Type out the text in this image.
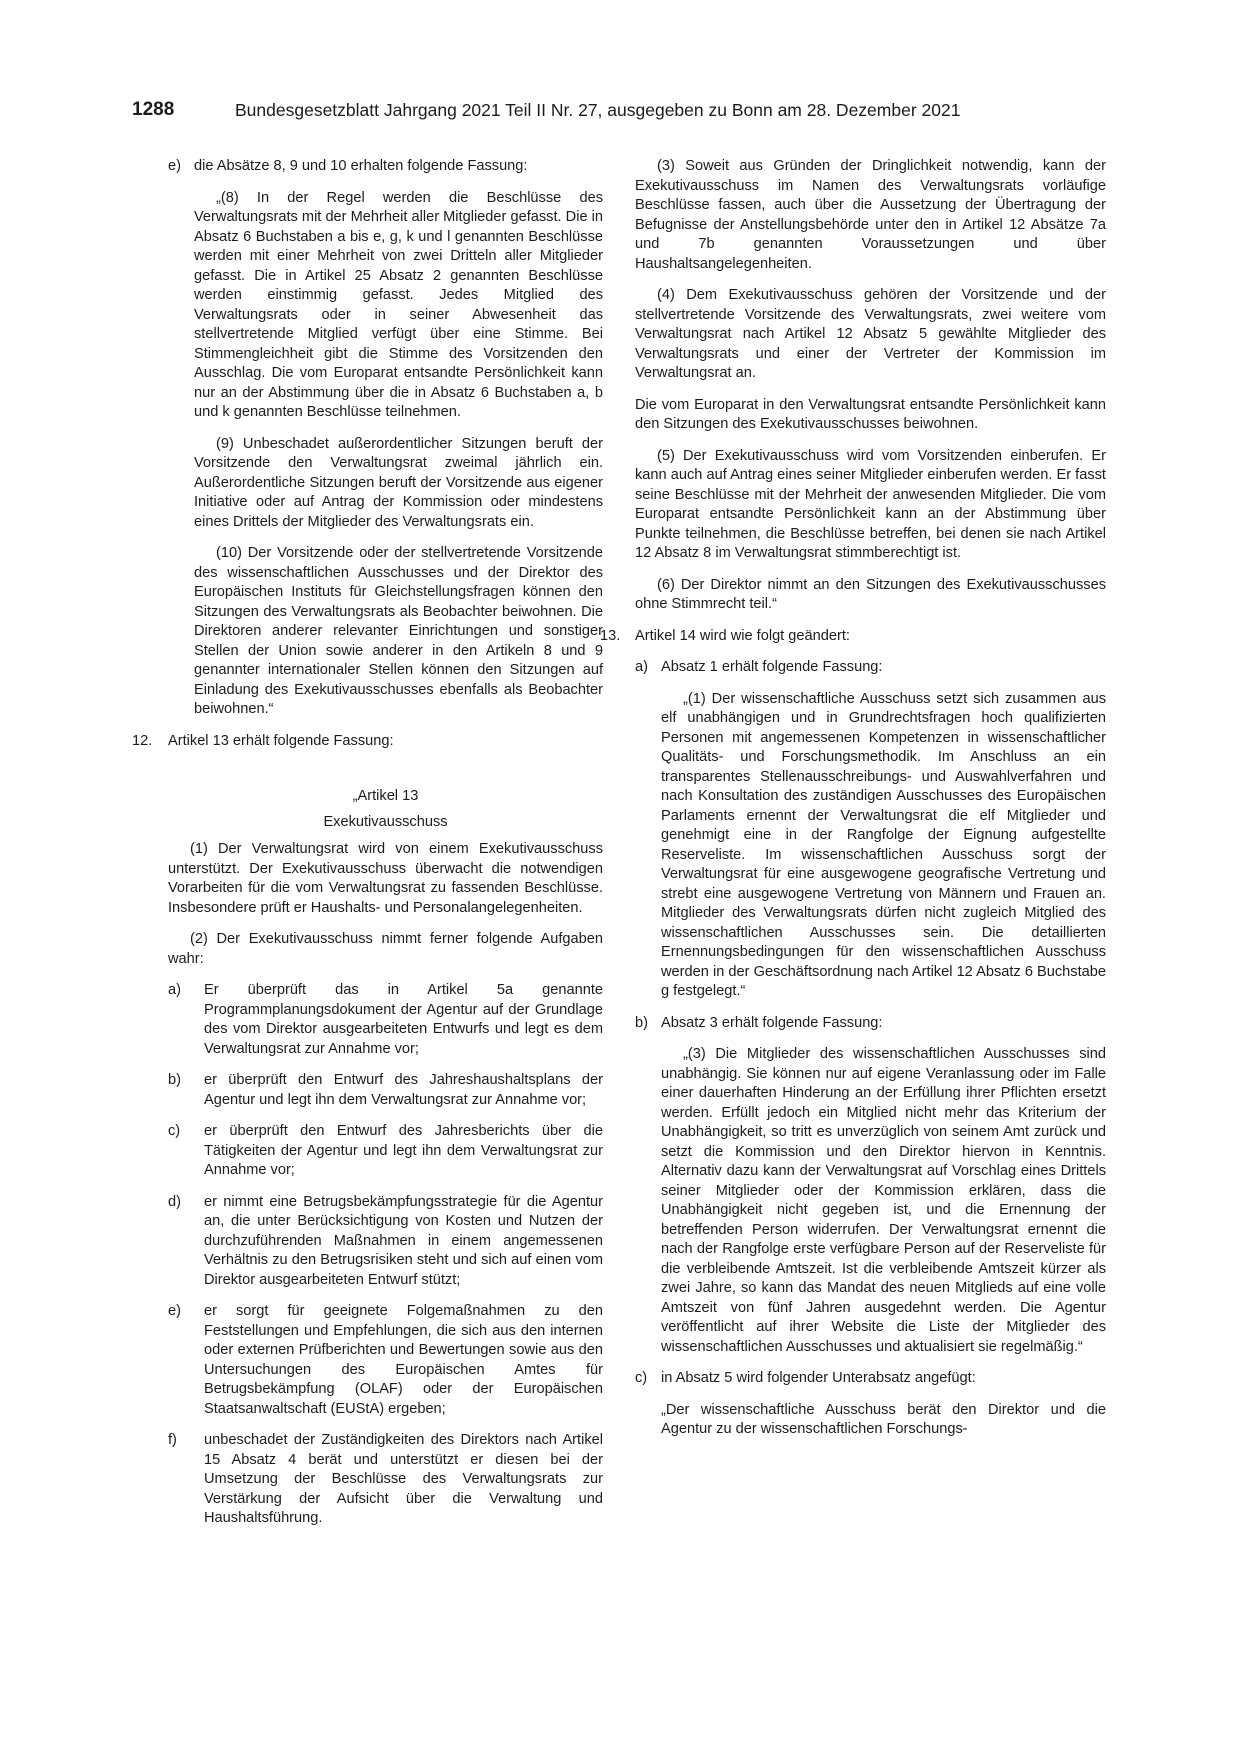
1288	Bundesgesetzblatt Jahrgang 2021 Teil II Nr. 27, ausgegeben zu Bonn am 28. Dezember 2021
e) die Absätze 8, 9 und 10 erhalten folgende Fassung:

„(8) In der Regel werden die Beschlüsse des Verwaltungsrats mit der Mehrheit aller Mitglieder gefasst. Die in Absatz 6 Buchstaben a bis e, g, k und l genannten Beschlüsse werden mit einer Mehrheit von zwei Dritteln aller Mitglieder gefasst. Die in Artikel 25 Absatz 2 genannten Beschlüsse werden einstimmig gefasst. Jedes Mitglied des Verwaltungsrats oder in seiner Abwesenheit das stellvertretende Mitglied verfügt über eine Stimme. Bei Stimmengleichheit gibt die Stimme des Vorsitzenden den Ausschlag. Die vom Europarat entsandte Persönlichkeit kann nur an der Abstimmung über die in Absatz 6 Buchstaben a, b und k genannten Beschlüsse teilnehmen.

(9) Unbeschadet außerordentlicher Sitzungen beruft der Vorsitzende den Verwaltungsrat zweimal jährlich ein. Außerordentliche Sitzungen beruft der Vorsitzende aus eigener Initiative oder auf Antrag der Kommission oder mindestens eines Drittels der Mitglieder des Verwaltungsrats ein.

(10) Der Vorsitzende oder der stellvertretende Vorsitzende des wissenschaftlichen Ausschusses und der Direktor des Europäischen Instituts für Gleichstellungsfragen können den Sitzungen des Verwaltungsrats als Beobachter beiwohnen. Die Direktoren anderer relevanter Einrichtungen und sonstiger Stellen der Union sowie anderer in den Artikeln 8 und 9 genannter internationaler Stellen können den Sitzungen auf Einladung des Exekutivausschusses ebenfalls als Beobachter beiwohnen.“

12. Artikel 13 erhält folgende Fassung:

„Artikel 13

Exekutivausschuss

(1) Der Verwaltungsrat wird von einem Exekutivausschuss unterstützt. Der Exekutivausschuss überwacht die notwendigen Vorarbeiten für die vom Verwaltungsrat zu fassenden Beschlüsse. Insbesondere prüft er Haushalts- und Personalangelegenheiten.

(2) Der Exekutivausschuss nimmt ferner folgende Aufgaben wahr:

a) Er überprüft das in Artikel 5a genannte Programmplanungsdokument der Agentur auf der Grundlage des vom Direktor ausgearbeiteten Entwurfs und legt es dem Verwaltungsrat zur Annahme vor;
b) er überprüft den Entwurf des Jahreshaushaltsplans der Agentur und legt ihn dem Verwaltungsrat zur Annahme vor;
c) er überprüft den Entwurf des Jahresberichts über die Tätigkeiten der Agentur und legt ihn dem Verwaltungsrat zur Annahme vor;
d) er nimmt eine Betrugsbekämpfungsstrategie für die Agentur an, die unter Berücksichtigung von Kosten und Nutzen der durchzuführenden Maßnahmen in einem angemessenen Verhältnis zu den Betrugsrisiken steht und sich auf einen vom Direktor ausgearbeiteten Entwurf stützt;
e) er sorgt für geeignete Folgemaßnahmen zu den Feststellungen und Empfehlungen, die sich aus den internen oder externen Prüfberichten und Bewertungen sowie aus den Untersuchungen des Europäischen Amtes für Betrugsbekämpfung (OLAF) oder der Europäischen Staatsanwaltschaft (EUStA) ergeben;
f) unbeschadet der Zuständigkeiten des Direktors nach Artikel 15 Absatz 4 berät und unterstützt er diesen bei der Umsetzung der Beschlüsse des Verwaltungsrats zur Verstärkung der Aufsicht über die Verwaltung und Haushaltsführung.

(3) Soweit aus Gründen der Dringlichkeit notwendig, kann der Exekutivausschuss im Namen des Verwaltungsrats vorläufige Beschlüsse fassen, auch über die Aussetzung der Übertragung der Befugnisse der Anstellungsbehörde unter den in Artikel 12 Absätze 7a und 7b genannten Voraussetzungen und über Haushaltsangelegenheiten.

(4) Dem Exekutivausschuss gehören der Vorsitzende und der stellvertretende Vorsitzende des Verwaltungsrats, zwei weitere vom Verwaltungsrat nach Artikel 12 Absatz 5 gewählte Mitglieder des Verwaltungsrats und einer der Vertreter der Kommission im Verwaltungsrat an.

Die vom Europarat in den Verwaltungsrat entsandte Persönlichkeit kann den Sitzungen des Exekutivausschusses beiwohnen.

(5) Der Exekutivausschuss wird vom Vorsitzenden einberufen. Er kann auch auf Antrag eines seiner Mitglieder einberufen werden. Er fasst seine Beschlüsse mit der Mehrheit der anwesenden Mitglieder. Die vom Europarat entsandte Persönlichkeit kann an der Abstimmung über Punkte teilnehmen, die Beschlüsse betreffen, bei denen sie nach Artikel 12 Absatz 8 im Verwaltungsrat stimmberechtigt ist.

(6) Der Direktor nimmt an den Sitzungen des Exekutivausschusses ohne Stimmrecht teil.“

13. Artikel 14 wird wie folgt geändert:
a) Absatz 1 erhält folgende Fassung:

„(1) Der wissenschaftliche Ausschuss setzt sich zusammen aus elf unabhängigen und in Grundrechtsfragen hoch qualifizierten Personen mit angemessenen Kompetenzen in wissenschaftlicher Qualitäts- und Forschungsmethodik. Im Anschluss an ein transparentes Stellenausschreibungs- und Auswahlverfahren und nach Konsultation des zuständigen Ausschusses des Europäischen Parlaments ernennt der Verwaltungsrat die elf Mitglieder und genehmigt eine in der Rangfolge der Eignung aufgestellte Reserveliste. Im wissenschaftlichen Ausschuss sorgt der Verwaltungsrat für eine ausgewogene geografische Vertretung und strebt eine ausgewogene Vertretung von Männern und Frauen an. Mitglieder des Verwaltungsrats dürfen nicht zugleich Mitglied des wissenschaftlichen Ausschusses sein. Die detaillierten Ernennungsbedingungen für den wissenschaftlichen Ausschuss werden in der Geschäftsordnung nach Artikel 12 Absatz 6 Buchstabe g festgelegt.“

b) Absatz 3 erhält folgende Fassung:

„(3) Die Mitglieder des wissenschaftlichen Ausschusses sind unabhängig. Sie können nur auf eigene Veranlassung oder im Falle einer dauerhaften Hinderung an der Erfüllung ihrer Pflichten ersetzt werden. Erfüllt jedoch ein Mitglied nicht mehr das Kriterium der Unabhängigkeit, so tritt es unverzüglich von seinem Amt zurück und setzt die Kommission und den Direktor hiervon in Kenntnis. Alternativ dazu kann der Verwaltungsrat auf Vorschlag eines Drittels seiner Mitglieder oder der Kommission erklären, dass die Unabhängigkeit nicht gegeben ist, und die Ernennung der betreffenden Person widerrufen. Der Verwaltungsrat ernennt die nach der Rangfolge erste verfügbare Person auf der Reserveliste für die verbleibende Amtszeit. Ist die verbleibende Amtszeit kürzer als zwei Jahre, so kann das Mandat des neuen Mitglieds auf eine volle Amtszeit von fünf Jahren ausgedehnt werden. Die Agentur veröffentlicht auf ihrer Website die Liste der Mitglieder des wissenschaftlichen Ausschusses und aktualisiert sie regelmäßig.“

c) in Absatz 5 wird folgender Unterabsatz angefügt:

„Der wissenschaftliche Ausschuss berät den Direktor und die Agentur zu der wissenschaftlichen Forschungs-
